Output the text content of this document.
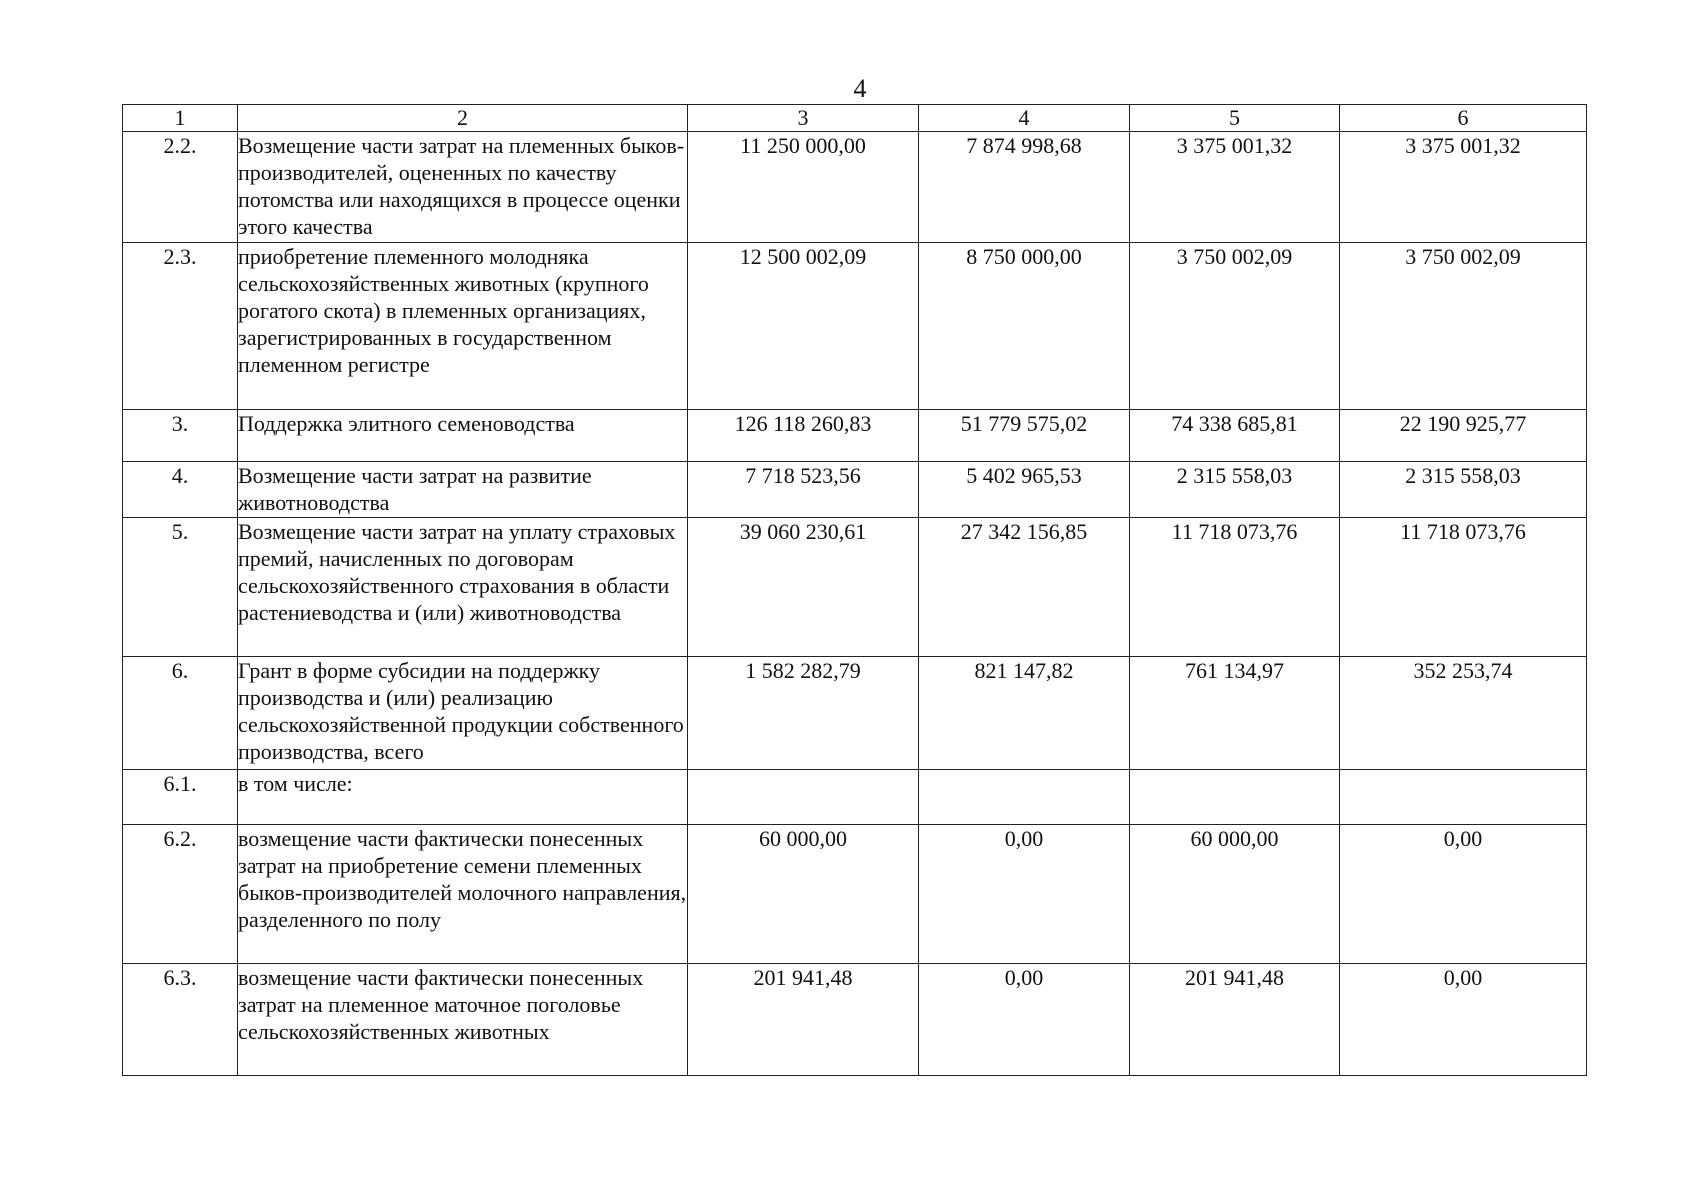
4
1	2	3	4	5	6
2.2.	Возмещение части затрат на племенных быков-производителей, оцененных по качеству потомства или находящихся в процессе оценки этого качества	11 250 000,00	7 874 998,68	3 375 001,32	3 375 001,32
2.3.	приобретение племенного молодняка сельскохозяйственных животных (крупного рогатого скота) в племенных организациях, зарегистрированных в государственном племенном регистре	12 500 002,09	8 750 000,00	3 750 002,09	3 750 002,09
3.	Поддержка элитного семеноводства	126 118 260,83	51 779 575,02	74 338 685,81	22 190 925,77
4.	Возмещение части затрат на развитие животноводства	7 718 523,56	5 402 965,53	2 315 558,03	2 315 558,03
5.	Возмещение части затрат на уплату страховых премий, начисленных по договорам сельскохозяйственного страхования в области растениеводства и (или) животноводства	39 060 230,61	27 342 156,85	11 718 073,76	11 718 073,76
6.	Грант в форме субсидии на поддержку производства и (или) реализацию сельскохозяйственной продукции собственного производства, всего	1 582 282,79	821 147,82	761 134,97	352 253,74
6.1.	в том числе:				
6.2.	возмещение части фактически понесенных затрат на приобретение семени племенных быков-производителей молочного направления, разделенного по полу	60 000,00	0,00	60 000,00	0,00
6.3.	возмещение части фактически понесенных затрат на племенное маточное поголовье сельскохозяйственных животных	201 941,48	0,00	201 941,48	0,00
